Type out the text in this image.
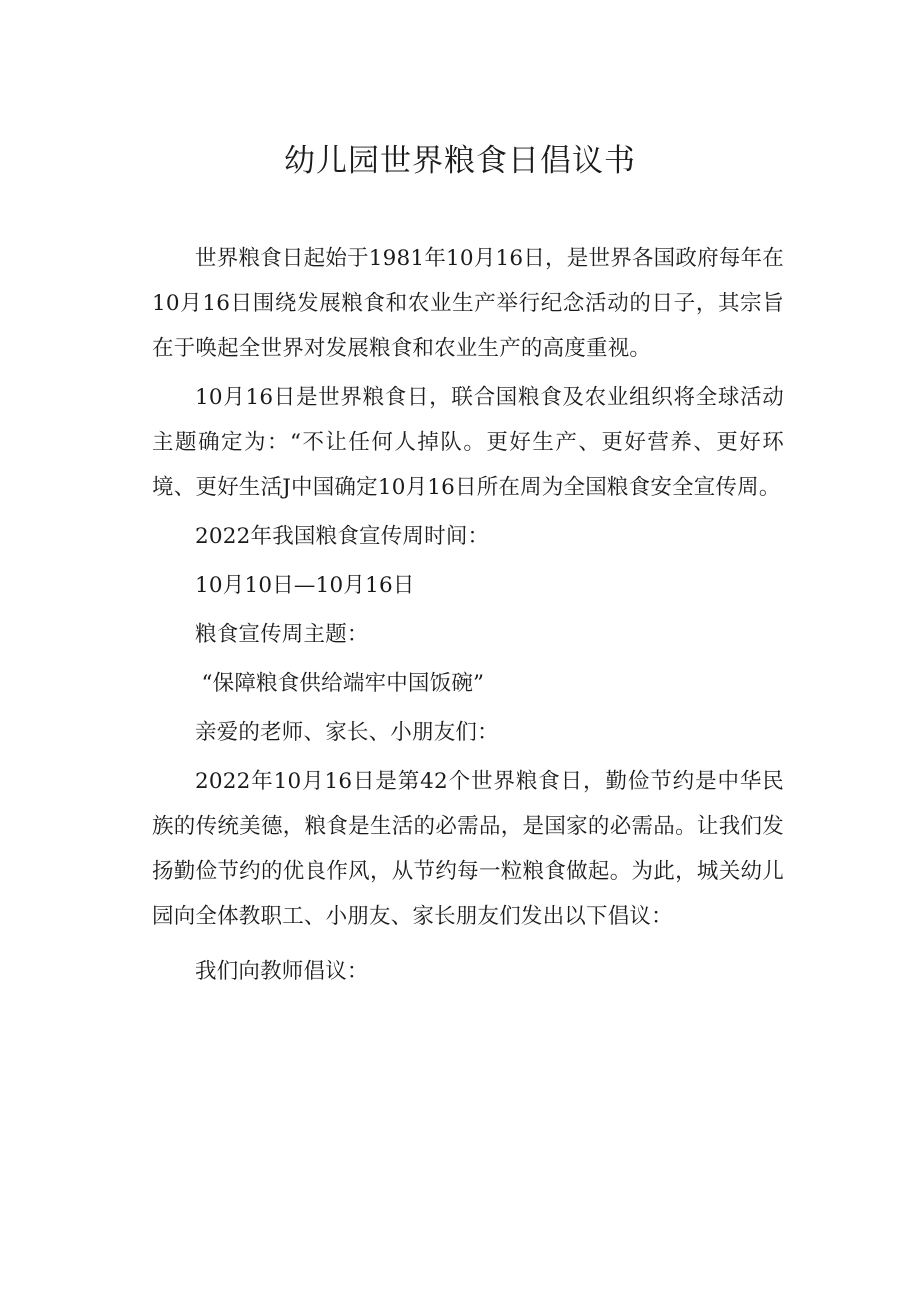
幼儿园世界粮食日倡议书

世界粮食日起始于1981年10月16日，是世界各国政府每年在10月16日围绕发展粮食和农业生产举行纪念活动的日子，其宗旨在于唤起全世界对发展粮食和农业生产的高度重视。

10月16日是世界粮食日，联合国粮食及农业组织将全球活动主题确定为：“不让任何人掉队。更好生产、更好营养、更好环境、更好生活J中国确定10月16日所在周为全国粮食安全宣传周。

2022年我国粮食宣传周时间：

10月10日—10月16日

粮食宣传周主题：

“保障粮食供给端牢中国饭碗”

亲爱的老师、家长、小朋友们：

2022年10月16日是第42个世界粮食日，勤俭节约是中华民族的传统美德，粮食是生活的必需品，是国家的必需品。让我们发扬勤俭节约的优良作风，从节约每一粒粮食做起。为此，城关幼儿园向全体教职工、小朋友、家长朋友们发出以下倡议：

我们向教师倡议：
